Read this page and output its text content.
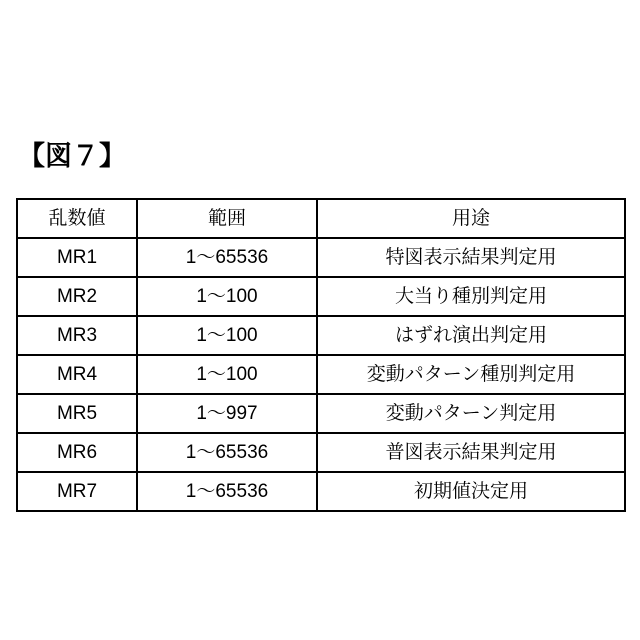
【図７】
乱数値	範囲	用途
MR1	1〜65536	特図表示結果判定用
MR2	1〜100	大当り種別判定用
MR3	1〜100	はずれ演出判定用
MR4	1〜100	変動パターン種別判定用
MR5	1〜997	変動パターン判定用
MR6	1〜65536	普図表示結果判定用
MR7	1〜65536	初期値決定用
